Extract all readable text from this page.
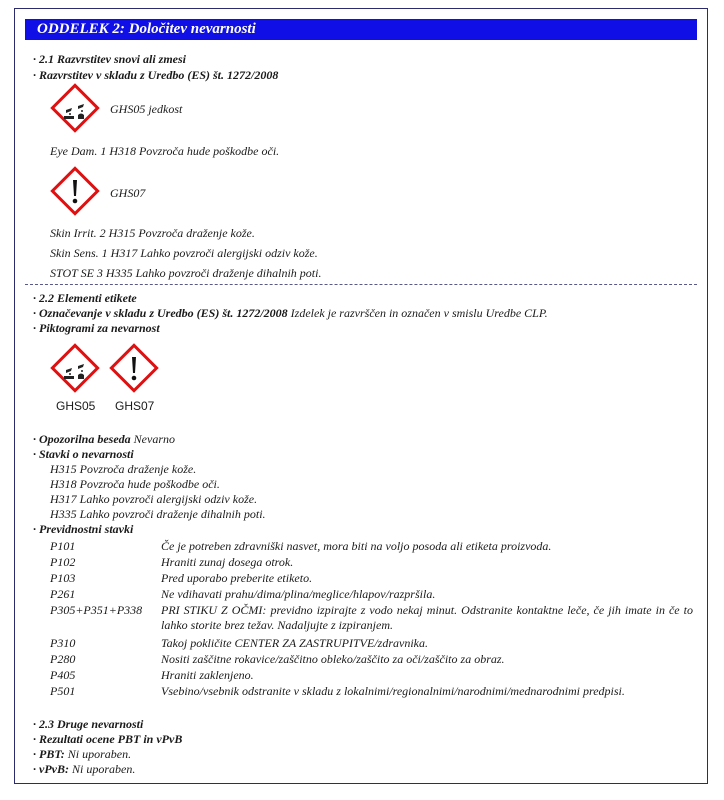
ODDELEK 2: Določitev nevarnosti
· 2.1 Razvrstitev snovi ali zmesi
· Razvrstitev v skladu z Uredbo (ES) št. 1272/2008
GHS05 jedkost
Eye Dam. 1 H318 Povzroča hude poškodbe oči.
GHS07
Skin Irrit. 2 H315 Povzroča draženje kože.
Skin Sens. 1 H317 Lahko povzroči alergijski odziv kože.
STOT SE 3 H335 Lahko povzroči draženje dihalnih poti.
· 2.2 Elementi etikete
· Označevanje v skladu z Uredbo (ES) št. 1272/2008 Izdelek je razvrščen in označen v smislu Uredbe CLP.
· Piktogrami za nevarnost
GHS05 GHS07
· Opozorilna beseda Nevarno
· Stavki o nevarnosti
H315 Povzroča draženje kože.
H318 Povzroča hude poškodbe oči.
H317 Lahko povzroči alergijski odziv kože.
H335 Lahko povzroči draženje dihalnih poti.
· Previdnostni stavki
P101	Če je potreben zdravniški nasvet, mora biti na voljo posoda ali etiketa proizvoda.
P102	Hraniti zunaj dosega otrok.
P103	Pred uporabo preberite etiketo.
P261	Ne vdihavati prahu/dima/plina/meglice/hlapov/razpršila.
P305+P351+P338 PRI STIKU Z OČMI: previdno izpirajte z vodo nekaj minut. Odstranite kontaktne leče, če jih imate in če to lahko storite brez težav. Nadaljujte z izpiranjem.
P310	Takoj pokličite CENTER ZA ZASTRUPITVE/zdravnika.
P280	Nositi zaščitne rokavice/zaščitno obleko/zaščito za oči/zaščito za obraz.
P405	Hraniti zaklenjeno.
P501	Vsebino/vsebnik odstranite v skladu z lokalnimi/regionalnimi/narodnimi/mednarodnimi predpisi.
· 2.3 Druge nevarnosti
· Rezultati ocene PBT in vPvB
· PBT: Ni uporaben.
· vPvB: Ni uporaben.
